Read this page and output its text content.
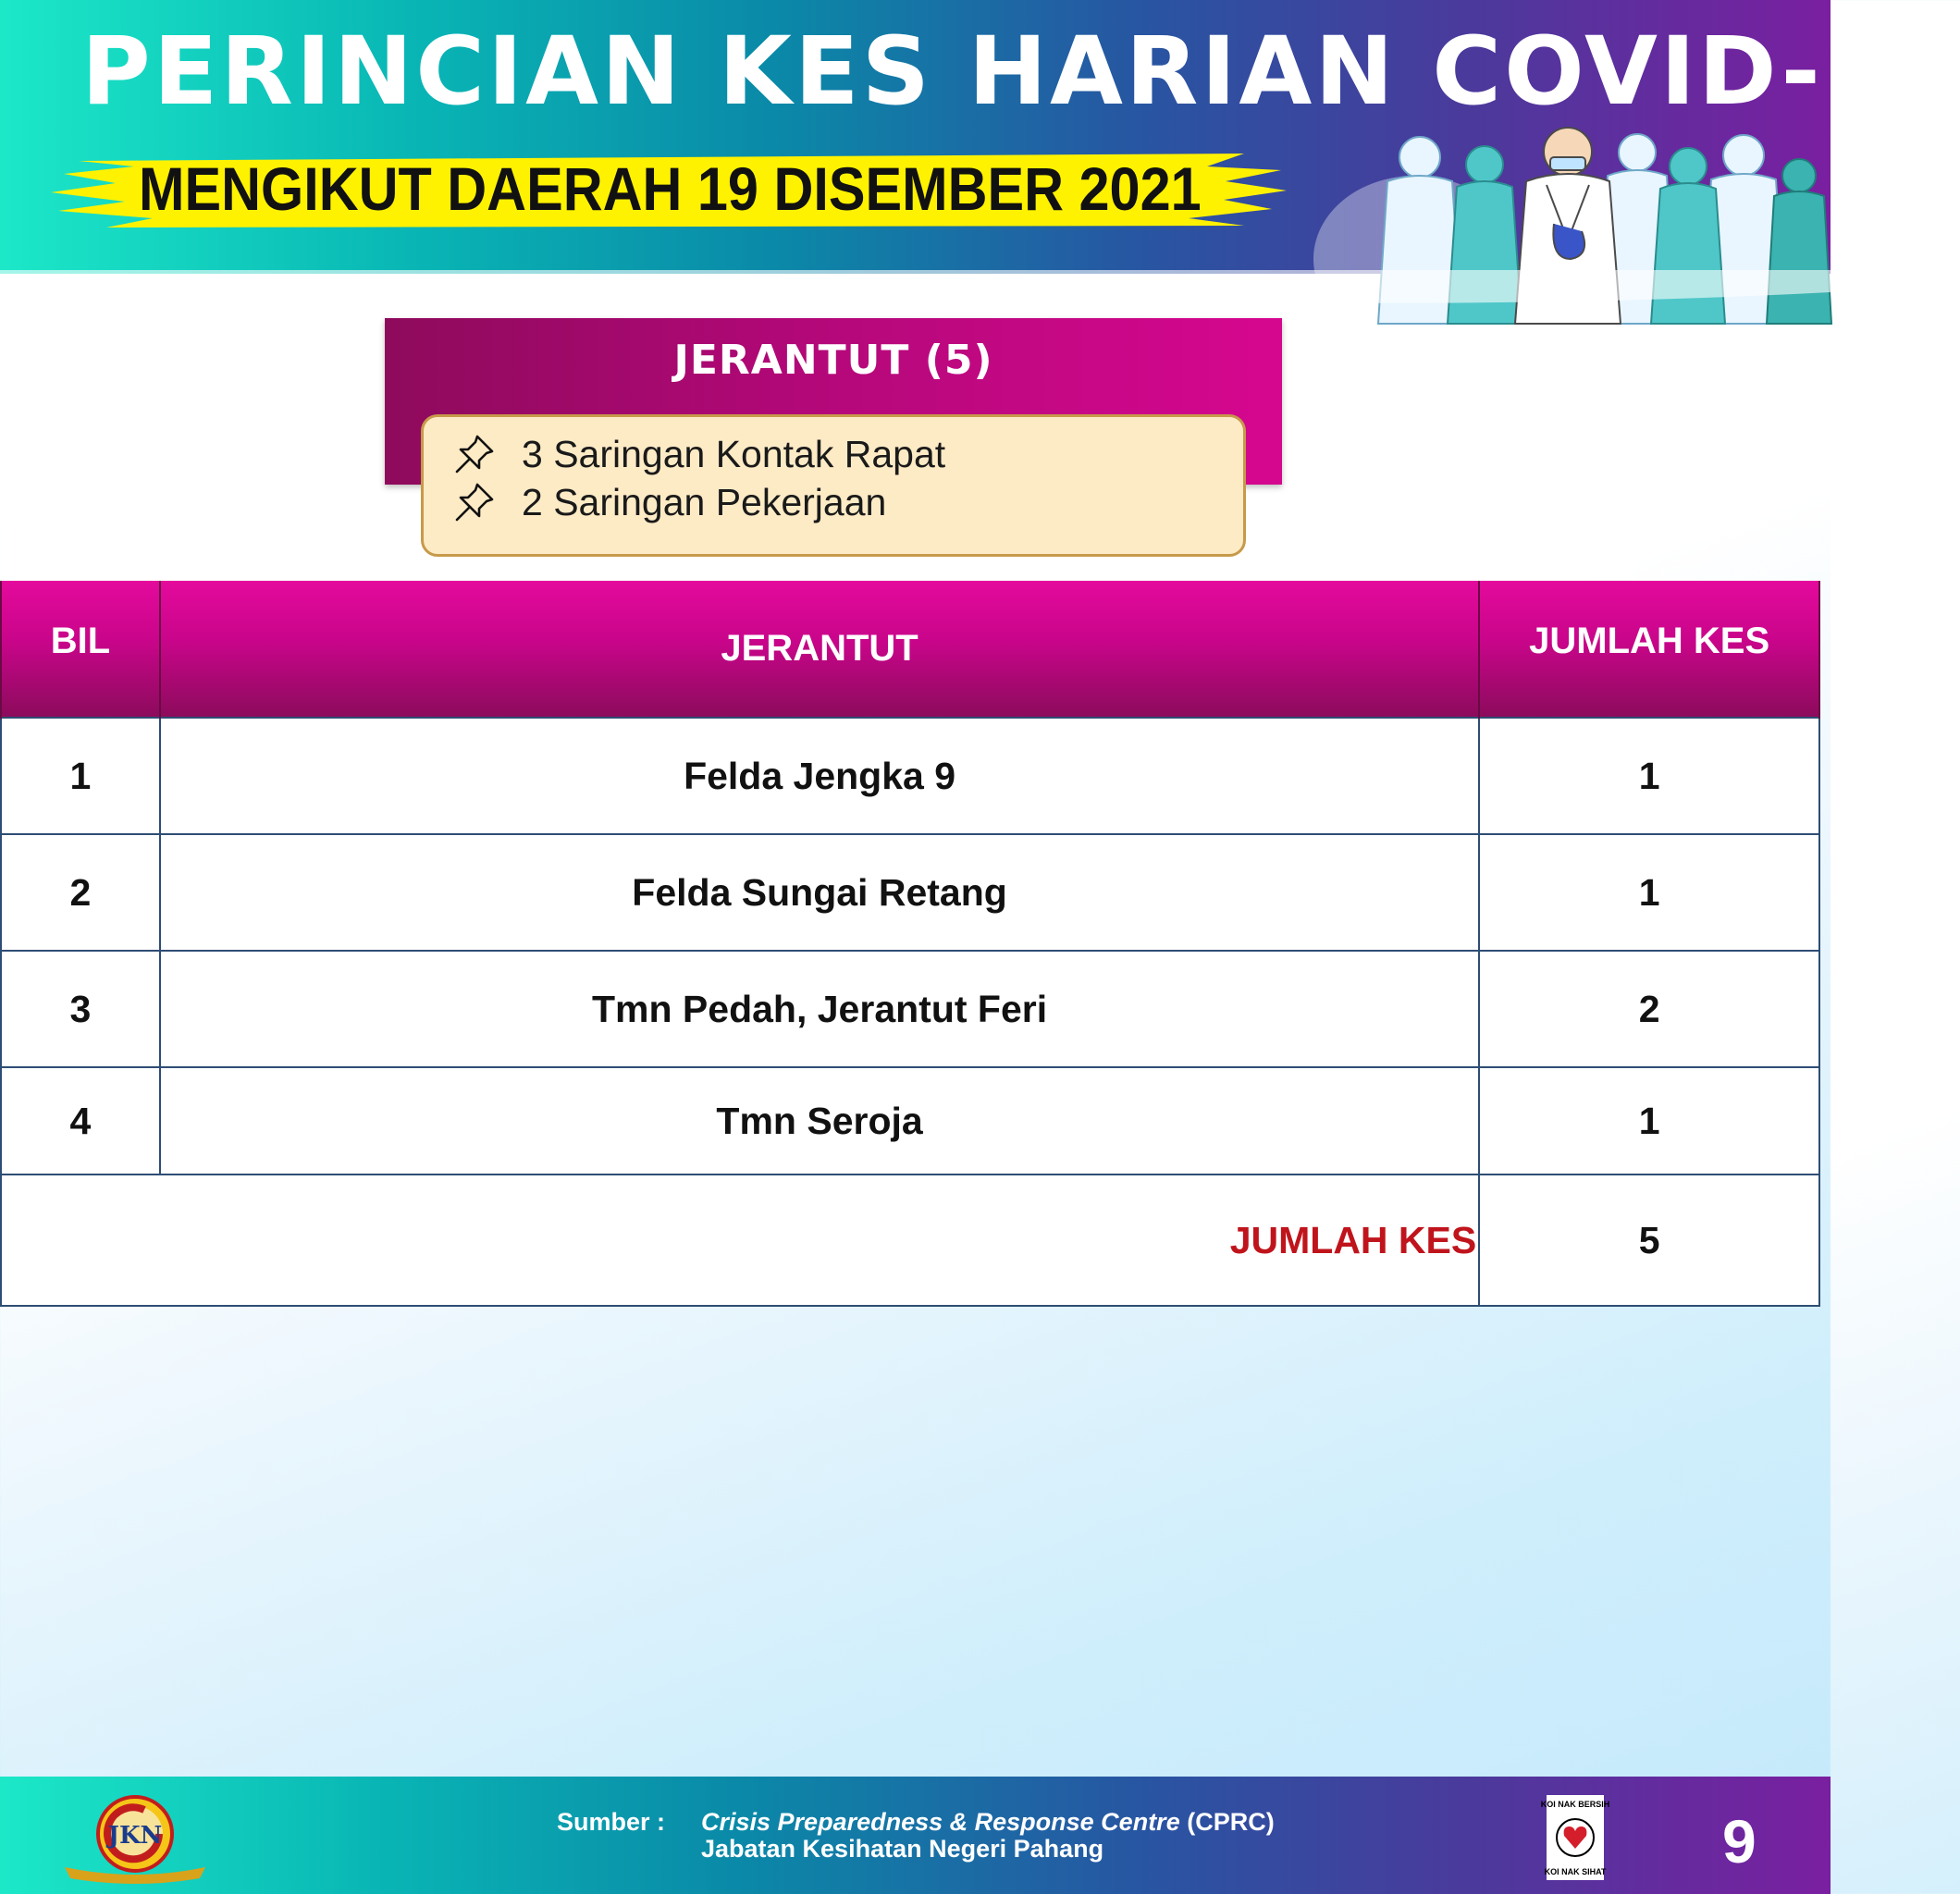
PERINCIAN KES HARIAN COVID-19
MENGIKUT DAERAH 19 DISEMBER 2021
JERANTUT (5)
3 Saringan Kontak Rapat
2 Saringan Pekerjaan
BIL	JERANTUT	JUMLAH KES
1	Felda Jengka 9	1
2	Felda Sungai Retang	1
3	Tmn Pedah, Jerantut Feri	2
4	Tmn Seroja	1
JUMLAH KES		5
JKN	Sumber : Crisis Preparedness & Response Centre (CPRC)
Jabatan Kesihatan Negeri Pahang
KOI NAK BERSIH
KOI NAK SIHAT 9
